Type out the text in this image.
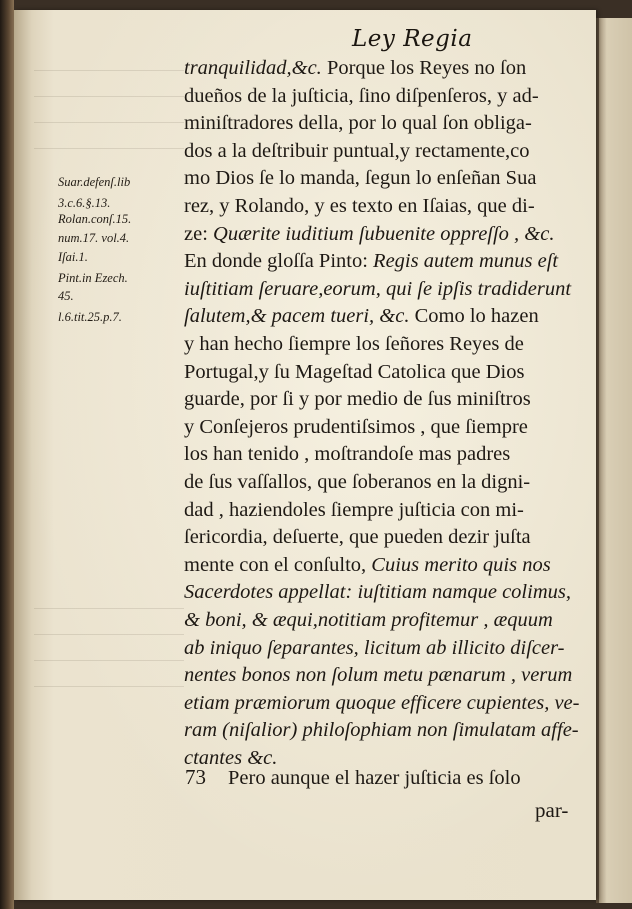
Ley Regia
Suar.defenſ.lib
3.c.6.§.13.
Rolan.conſ.15.
num.17. vol.4.
Iſai.1.
Pint.in Ezech.
45.
l.6.tit.25.p.7.
tranquilidad,&c. Porque los Reyes no ſon
dueños de la juſticia, ſino diſpenſeros, y ad-
miniſtradores della, por lo qual ſon obliga-
dos a la deſtribuir puntual,y rectamente,co
mo Dios ſe lo manda, ſegun lo enſeñan Sua
rez, y Rolando, y es texto en Iſaias, que di-
ze: Quærite iuditium ſubuenite oppreſſo , &c.
En donde gloſſa Pinto: Regis autem munus eſt
iuſtitiam ſeruare,eorum, qui ſe ipſis tradiderunt
ſalutem,& pacem tueri, &c. Como lo hazen
y han hecho ſiempre los ſeñores Reyes de
Portugal,y ſu Mageſtad Catolica que Dios
guarde, por ſi y por medio de ſus miniſtros
y Conſejeros prudentiſsimos , que ſiempre
los han tenido , moſtrandoſe mas padres
de ſus vaſſallos, que ſoberanos en la digni-
dad , haziendoles ſiempre juſticia con mi-
ſericordia, deſuerte, que pueden dezir juſta
mente con el conſulto, Cuius merito quis nos
Sacerdotes appellat: iuſtitiam namque colimus,
& boni, & æqui,notitiam profitemur , æquum
ab iniquo ſeparantes, licitum ab illicito diſcer-
nentes bonos non ſolum metu pænarum , verum
etiam præmiorum quoque efficere cupientes, ve-
ram (niſalior) philoſophiam non ſimulatam affe-
ctantes &c.
73 Pero aunque el hazer juſticia es ſolo
par-
